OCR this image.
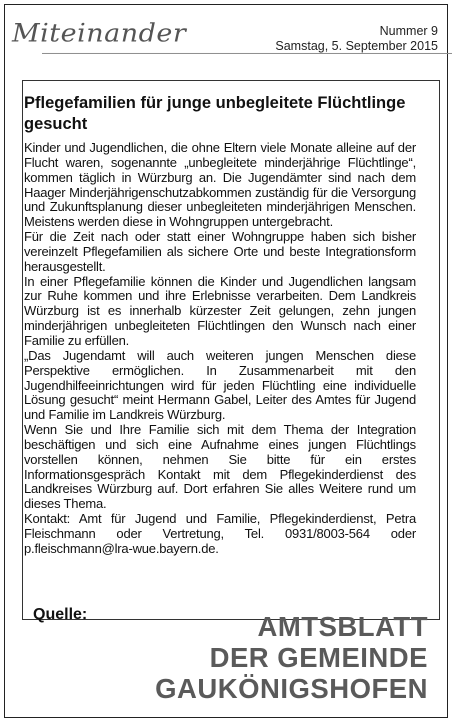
Miteinander	Nummer 9
Samstag, 5. September 2015
Pflegefamilien für junge unbegleitete Flüchtlinge gesucht

Kinder und Jugendlichen, die ohne Eltern viele Monate alleine auf der Flucht waren, sogenannte „unbegleitete minderjährige Flüchtlinge“, kommen täglich in Würzburg an. Die Jugendämter sind nach dem Haager Minderjährigenschutzabkommen zuständig für die Versorgung und Zukunftsplanung dieser unbegleiteten minderjährigen Menschen. Meistens werden diese in Wohngruppen untergebracht.

Für die Zeit nach oder statt einer Wohngruppe haben sich bisher vereinzelt Pflegefamilien als sichere Orte und beste Integrationsform herausgestellt.

In einer Pflegefamilie können die Kinder und Jugendlichen langsam zur Ruhe kommen und ihre Erlebnisse verarbeiten. Dem Landkreis Würzburg ist es innerhalb kürzester Zeit gelungen, zehn jungen minderjährigen unbegleiteten Flüchtlingen den Wunsch nach einer Familie zu erfüllen.

„Das Jugendamt will auch weiteren jungen Menschen diese Perspektive ermöglichen. In Zusammenarbeit mit den Jugendhilfeeinrichtungen wird für jeden Flüchtling eine individuelle Lösung gesucht“ meint Hermann Gabel, Leiter des Amtes für Jugend und Familie im Landkreis Würzburg.

Wenn Sie und Ihre Familie sich mit dem Thema der Integration beschäftigen und sich eine Aufnahme eines jungen Flüchtlings vorstellen können, nehmen Sie bitte für ein erstes Informationsgespräch Kontakt mit dem Pflegekinderdienst des Landkreises Würzburg auf. Dort erfahren Sie alles Weitere rund um dieses Thema.

Kontakt: Amt für Jugend und Familie, Pflegekinderdienst, Petra Fleischmann oder Vertretung, Tel. 0931/8003-564 oder p.fleischmann@lra-wue.bayern.de.

Quelle:	AMTSBLATT
DER GEMEINDE
GAUKÖNIGSHOFEN
